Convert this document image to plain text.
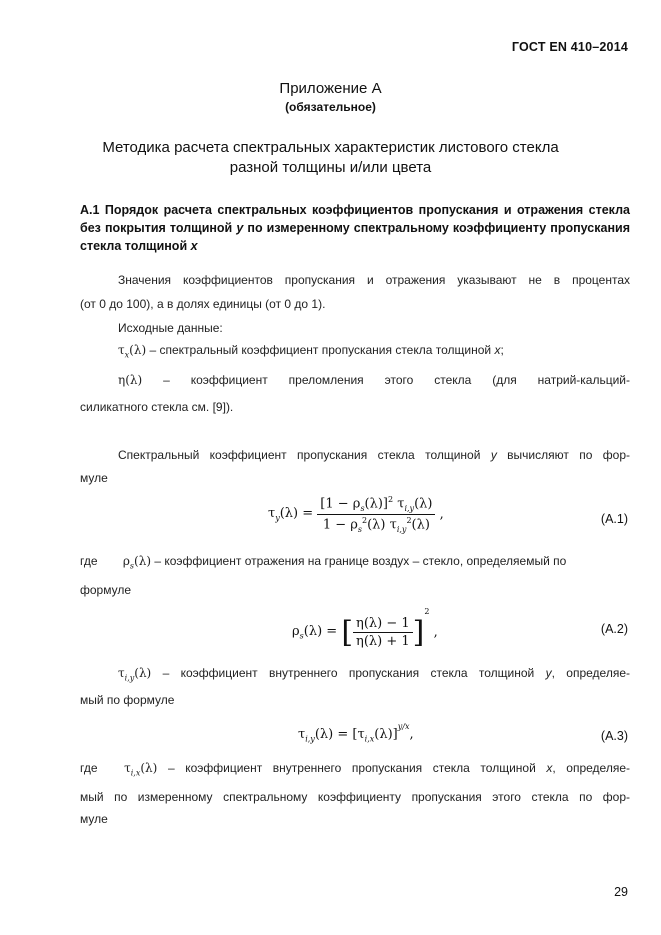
ГОСТ EN 410–2014
Приложение А
(обязательное)
Методика расчета спектральных характеристик листового стекла
разной толщины и/или цвета
А.1 Порядок расчета спектральных коэффициентов пропускания и отражения стекла без покрытия толщиной y по измеренному спектральному коэффициенту пропускания стекла толщиной x
Значения коэффициентов пропускания и отражения указывают не в процентах
(от 0 до 100), а в долях единицы (от 0 до 1).
Исходные данные:
$\tau_x(\lambda)$ – спектральный коэффициент пропускания стекла толщиной x;
η(λ) – коэффициент преломления этого стекла (для натрий-кальций-
силикатного стекла см. [9]).
Спектральный коэффициент пропускания стекла толщиной y вычисляют по фор-
муле
$\tau_y(\lambda) = \frac{[1 - \rho_s(\lambda)]^2 \tau_{i,y}(\lambda)}{1 - \rho_s^2(\lambda) \tau_{i,y}^2(\lambda)}$ ,	(A.1)
где $\rho_s(\lambda)$ – коэффициент отражения на границе воздух – стекло, определяемый по
формуле
$\rho_s(\lambda)$ = [ $\frac{\eta(\lambda) - 1}{\eta(\lambda) + 1} ]^2$ ,	(A.2)
$\tau_{i,y}(\lambda)$ – коэффициент внутреннего пропускания стекла толщиной y, определяе-
мый по формуле
$\tau_{i,y}(\lambda) = [\tau_{i,x}(\lambda)]^{y/x}$,	(A.3)
где $\tau_{i,x}(\lambda)$ – коэффициент внутреннего пропускания стекла толщиной x, определяе-
мый по измеренному спектральному коэффициенту пропускания этого стекла по фор-
муле
29
